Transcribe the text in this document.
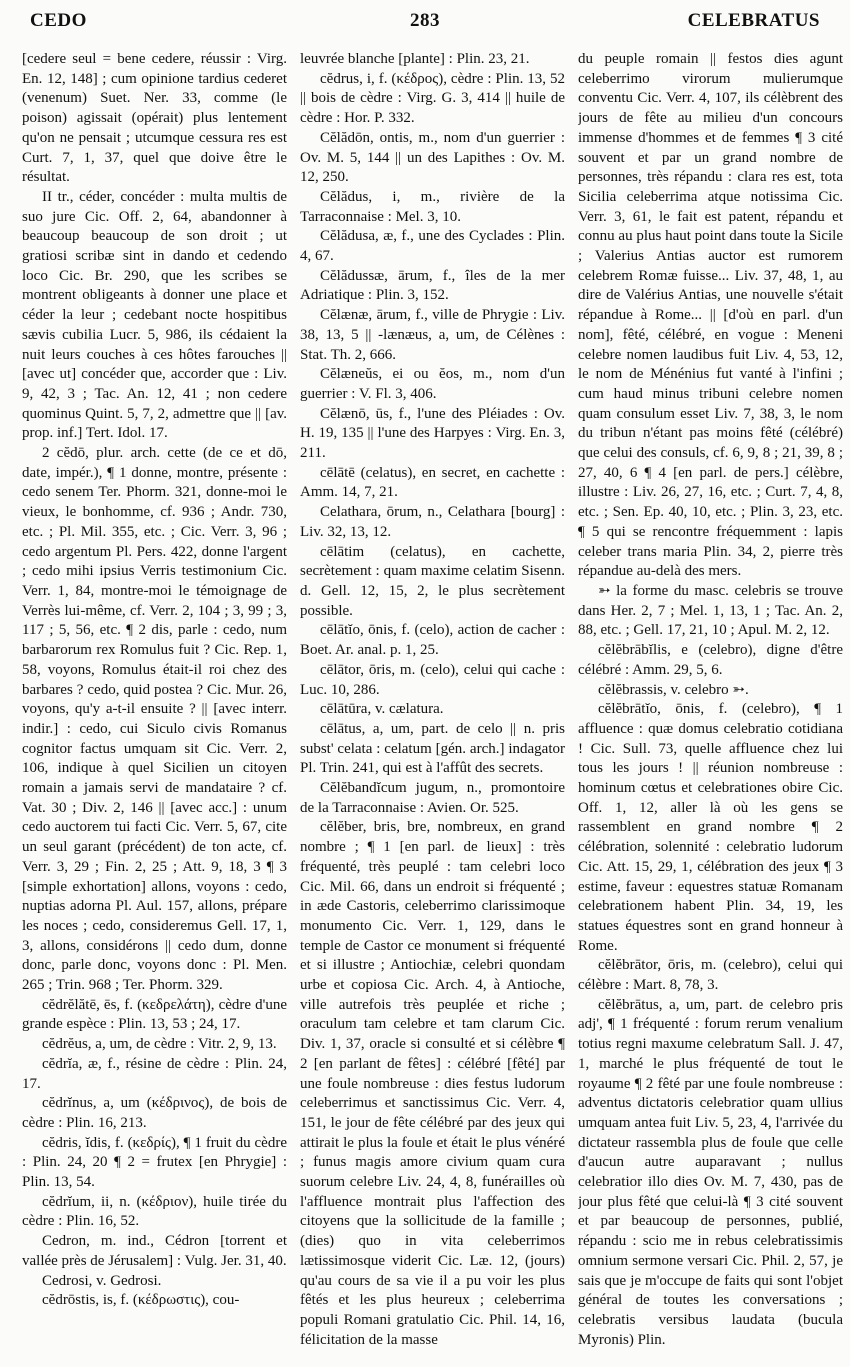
CEDO	283	CELEBRATUS

[cedere seul = bene cedere, réussir : Virg. En. 12, 148] ; cum opinione tardius cederet (venenum) Suet. Ner. 33, comme (le poison) agissait (opérait) plus lentement qu'on ne pensait ; utcumque cessura res est Curt. 7, 1, 37, quel que doive être le résultat.

II tr., céder, concéder : multa multis de suo jure Cic. Off. 2, 64, abandonner à beaucoup beaucoup de son droit ; ut gratiosi scribæ sint in dando et cedendo loco Cic. Br. 290, que les scribes se montrent obligeants à donner une place et céder la leur ; cedebant nocte hospitibus sævis cubilia Lucr. 5, 986, ils cédaient la nuit leurs couches à ces hôtes farouches || [avec ut] concéder que, accorder que : Liv. 9, 42, 3 ; Tac. An. 12, 41 ; non cedere quominus Quint. 5, 7, 2, admettre que || [av. prop. inf.] Tert. Idol. 17.

2 cĕdō, plur. arch. cette (de ce et dō, date, impér.), ¶ 1 donne, montre, présente : cedo senem Ter. Phorm. 321, donne-moi le vieux, le bonhomme, cf. 936 ; Andr. 730, etc. ; Pl. Mil. 355, etc. ; Cic. Verr. 3, 96 ; cedo argentum Pl. Pers. 422, donne l'argent ; cedo mihi ipsius Verris testimonium Cic. Verr. 1, 84, montre-moi le témoignage de Verrès lui-même, cf. Verr. 2, 104 ; 3, 99 ; 3, 117 ; 5, 56, etc. ¶ 2 dis, parle : cedo, num barbarorum rex Romulus fuit ? Cic. Rep. 1, 58, voyons, Romulus était-il roi chez des barbares ? cedo, quid postea ? Cic. Mur. 26, voyons, qu'y a-t-il ensuite ? || [avec interr. indir.] : cedo, cui Siculo civis Romanus cognitor factus umquam sit Cic. Verr. 2, 106, indique à quel Sicilien un citoyen romain a jamais servi de mandataire ? cf. Vat. 30 ; Div. 2, 146 || [avec acc.] : unum cedo auctorem tui facti Cic. Verr. 5, 67, cite un seul garant (précédent) de ton acte, cf. Verr. 3, 29 ; Fin. 2, 25 ; Att. 9, 18, 3 ¶ 3 [simple exhortation] allons, voyons : cedo, nuptias adorna Pl. Aul. 157, allons, prépare les noces ; cedo, consideremus Gell. 17, 1, 3, allons, considérons || cedo dum, donne donc, parle donc, voyons donc : Pl. Men. 265 ; Trin. 968 ; Ter. Phorm. 329.

cĕdrĕlătē, ēs, f. (κεδρελάτη), cèdre d'une grande espèce : Plin. 13, 53 ; 24, 17.

cĕdrĕus, a, um, de cèdre : Vitr. 2, 9, 13.

cĕdrĭa, æ, f., résine de cèdre : Plin. 24, 17.

cĕdrĭnus, a, um (κέδρινος), de bois de cèdre : Plin. 16, 213.

cĕdris, ĭdis, f. (κεδρίς), ¶ 1 fruit du cèdre : Plin. 24, 20 ¶ 2 = frutex [en Phrygie] : Plin. 13, 54.

cĕdrĭum, ii, n. (κέδριον), huile tirée du cèdre : Plin. 16, 52.

Cedron, m. ind., Cédron [torrent et vallée près de Jérusalem] : Vulg. Jer. 31, 40.

Cedrosi, v. Gedrosi.

cĕdrōstis, is, f. (κέδρωστις), cou-

leuvrée blanche [plante] : Plin. 23, 21.

cĕdrus, i, f. (κέδρος), cèdre : Plin. 13, 52 || bois de cèdre : Virg. G. 3, 414 || huile de cèdre : Hor. P. 332.

Cĕlădōn, ontis, m., nom d'un guerrier : Ov. M. 5, 144 || un des Lapithes : Ov. M. 12, 250.

Cĕlădus, i, m., rivière de la Tarraconnaise : Mel. 3, 10.

Cĕlădusa, æ, f., une des Cyclades : Plin. 4, 67.

Cĕlădussæ, ārum, f., îles de la mer Adriatique : Plin. 3, 152.

Cĕlænæ, ārum, f., ville de Phrygie : Liv. 38, 13, 5 || -lænæus, a, um, de Célènes : Stat. Th. 2, 666.

Cĕlæneŭs, ei ou ĕos, m., nom d'un guerrier : V. Fl. 3, 406.

Cĕlænō, ūs, f., l'une des Pléiades : Ov. H. 19, 135 || l'une des Harpyes : Virg. En. 3, 211.

cēlātē (celatus), en secret, en cachette : Amm. 14, 7, 21.

Celathara, ōrum, n., Celathara [bourg] : Liv. 32, 13, 12.

cēlātim (celatus), en cachette, secrètement : quam maxime celatim Sisenn. d. Gell. 12, 15, 2, le plus secrètement possible.

cēlātĭo, ōnis, f. (celo), action de cacher : Boet. Ar. anal. p. 1, 25.

cēlātor, ōris, m. (celo), celui qui cache : Luc. 10, 286.

cēlātūra, v. cælatura.

cēlātus, a, um, part. de celo || n. pris subst' celata : celatum [gén. arch.] indagator Pl. Trin. 241, qui est à l'affût des secrets.

Cĕlĕbandĭcum jugum, n., promontoire de la Tarraconnaise : Avien. Or. 525.

cĕlĕber, bris, bre, nombreux, en grand nombre ; ¶ 1 [en parl. de lieux] : très fréquenté, très peuplé : tam celebri loco Cic. Mil. 66, dans un endroit si fréquenté ; in æde Castoris, celeberrimo clarissimoque monumento Cic. Verr. 1, 129, dans le temple de Castor ce monument si fréquenté et si illustre ; Antiochiæ, celebri quondam urbe et copiosa Cic. Arch. 4, à Antioche, ville autrefois très peuplée et riche ; oraculum tam celebre et tam clarum Cic. Div. 1, 37, oracle si consulté et si célèbre ¶ 2 [en parlant de fêtes] : célébré [fêté] par une foule nombreuse : dies festus ludorum celeberrimus et sanctissimus Cic. Verr. 4, 151, le jour de fête célébré par des jeux qui attirait le plus la foule et était le plus vénéré ; funus magis amore civium quam cura suorum celebre Liv. 24, 4, 8, funérailles où l'affluence montrait plus l'affection des citoyens que la sollicitude de la famille ; (dies) quo in vita celeberrimos lætissimosque viderit Cic. Læ. 12, (jours) qu'au cours de sa vie il a pu voir les plus fêtés et les plus heureux ; celeberrima populi Romani gratulatio Cic. Phil. 14, 16, félicitation de la masse

du peuple romain || festos dies agunt celeberrimo virorum mulierumque conventu Cic. Verr. 4, 107, ils célèbrent des jours de fête au milieu d'un concours immense d'hommes et de femmes ¶ 3 cité souvent et par un grand nombre de personnes, très répandu : clara res est, tota Sicilia celeberrima atque notissima Cic. Verr. 3, 61, le fait est patent, répandu et connu au plus haut point dans toute la Sicile ; Valerius Antias auctor est rumorem celebrem Romæ fuisse... Liv. 37, 48, 1, au dire de Valérius Antias, une nouvelle s'était répandue à Rome... || [d'où en parl. d'un nom], fêté, célébré, en vogue : Meneni celebre nomen laudibus fuit Liv. 4, 53, 12, le nom de Ménénius fut vanté à l'infini ; cum haud minus tribuni celebre nomen quam consulum esset Liv. 7, 38, 3, le nom du tribun n'étant pas moins fêté (célébré) que celui des consuls, cf. 6, 9, 8 ; 21, 39, 8 ; 27, 40, 6 ¶ 4 [en parl. de pers.] célèbre, illustre : Liv. 26, 27, 16, etc. ; Curt. 7, 4, 8, etc. ; Sen. Ep. 40, 10, etc. ; Plin. 3, 23, etc. ¶ 5 qui se rencontre fréquemment : lapis celeber trans maria Plin. 34, 2, pierre très répandue au-delà des mers.

➳ la forme du masc. celebris se trouve dans Her. 2, 7 ; Mel. 1, 13, 1 ; Tac. An. 2, 88, etc. ; Gell. 17, 21, 10 ; Apul. M. 2, 12.

cĕlĕbrābĭlis, e (celebro), digne d'être célébré : Amm. 29, 5, 6.

cĕlĕbrassis, v. celebro ➳.

cĕlĕbrātĭo, ōnis, f. (celebro), ¶ 1 affluence : quæ domus celebratio cotidiana ! Cic. Sull. 73, quelle affluence chez lui tous les jours ! || réunion nombreuse : hominum cœtus et celebrationes obire Cic. Off. 1, 12, aller là où les gens se rassemblent en grand nombre ¶ 2 célébration, solennité : celebratio ludorum Cic. Att. 15, 29, 1, célébration des jeux ¶ 3 estime, faveur : equestres statuæ Romanam celebrationem habent Plin. 34, 19, les statues équestres sont en grand honneur à Rome.

cĕlĕbrātor, ōris, m. (celebro), celui qui célèbre : Mart. 8, 78, 3.

cĕlĕbrātus, a, um, part. de celebro pris adj', ¶ 1 fréquenté : forum rerum venalium totius regni maxume celebratum Sall. J. 47, 1, marché le plus fréquenté de tout le royaume ¶ 2 fêté par une foule nombreuse : adventus dictatoris celebratior quam ullius umquam antea fuit Liv. 5, 23, 4, l'arrivée du dictateur rassembla plus de foule que celle d'aucun autre auparavant ; nullus celebratior illo dies Ov. M. 7, 430, pas de jour plus fêté que celui-là ¶ 3 cité souvent et par beaucoup de personnes, publié, répandu : scio me in rebus celebratissimis omnium sermone versari Cic. Phil. 2, 57, je sais que je m'occupe de faits qui sont l'objet général de toutes les conversations ; celebratis versibus laudata (bucula Myronis) Plin.
